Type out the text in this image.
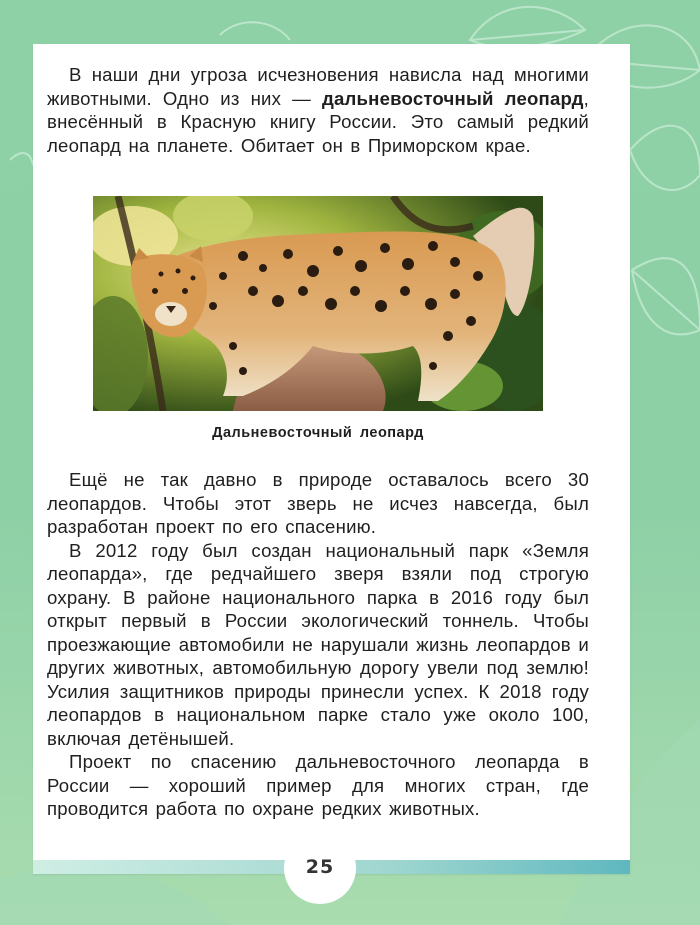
В наши дни угроза исчезновения нависла над многими животными. Одно из них — дальневосточный леопард, внесённый в Красную книгу России. Это самый редкий леопард на планете. Обитает он в Приморском крае.

Дальневосточный леопард

Ещё не так давно в природе оставалось всего 30 леопардов. Чтобы этот зверь не исчез навсегда, был разработан проект по его спасению.

В 2012 году был создан национальный парк «Земля леопарда», где редчайшего зверя взяли под строгую охрану. В районе национального парка в 2016 году был открыт первый в России экологический тоннель. Чтобы проезжающие автомобили не нарушали жизнь леопардов и других животных, автомобильную дорогу увели под землю! Усилия защитников природы принесли успех. К 2018 году леопардов в национальном парке стало уже около 100, включая детёнышей.

Проект по спасению дальневосточного леопарда в России — хороший пример для многих стран, где проводится работа по охране редких животных.

25
